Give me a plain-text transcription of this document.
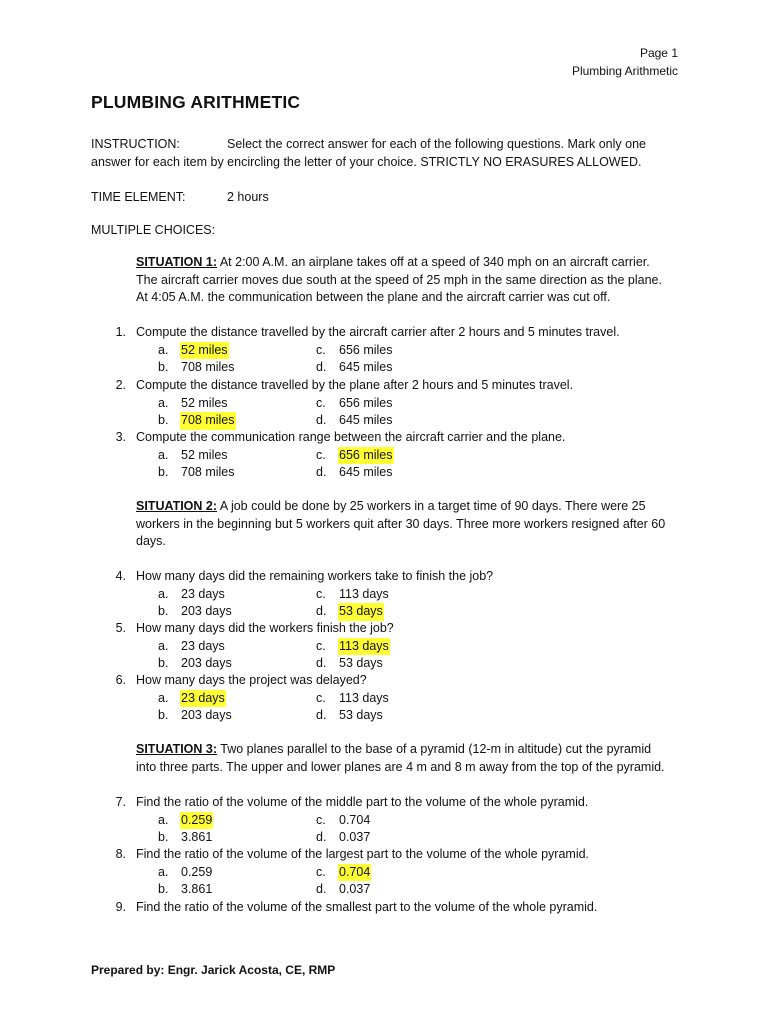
Page 1
Plumbing Arithmetic
PLUMBING ARITHMETIC
INSTRUCTION:	Select the correct answer for each of the following questions. Mark only one
answer for each item by encircling the letter of your choice. STRICTLY NO ERASURES ALLOWED.
TIME ELEMENT:	2 hours
MULTIPLE CHOICES:
SITUATION 1: At 2:00 A.M. an airplane takes off at a speed of 340 mph on an aircraft carrier.
The aircraft carrier moves due south at the speed of 25 mph in the same direction as the plane.
At 4:05 A.M. the communication between the plane and the aircraft carrier was cut off.
SITUATION 2: A job could be done by 25 workers in a target time of 90 days. There were 25
workers in the beginning but 5 workers quit after 30 days. Three more workers resigned after 60
days.
SITUATION 3: Two planes parallel to the base of a pyramid (12-m in altitude) cut the pyramid
into three parts. The upper and lower planes are 4 m and 8 m away from the top of the pyramid.
1. Compute the distance travelled by the aircraft carrier after 2 hours and 5 minutes travel.
a. 52 miles	c. 656 miles
b. 708 miles	d. 645 miles
2. Compute the distance travelled by the plane after 2 hours and 5 minutes travel.
a. 52 miles	c. 656 miles
b. 708 miles	d. 645 miles
3. Compute the communication range between the aircraft carrier and the plane.
a. 52 miles	c. 656 miles
b. 708 miles	d. 645 miles
4. How many days did the remaining workers take to finish the job?
a. 23 days	c. 113 days
b. 203 days	d. 53 days
5. How many days did the workers finish the job?
a. 23 days	c. 113 days
b. 203 days	d. 53 days
6. How many days the project was delayed?
a. 23 days	c. 113 days
b. 203 days	d. 53 days
7. Find the ratio of the volume of the middle part to the volume of the whole pyramid.
a. 0.259	c. 0.704
b. 3.861	d. 0.037
8. Find the ratio of the volume of the largest part to the volume of the whole pyramid.
a. 0.259	c. 0.704
b. 3.861	d. 0.037
9. Find the ratio of the volume of the smallest part to the volume of the whole pyramid.
Prepared by: Engr. Jarick Acosta, CE, RMP
